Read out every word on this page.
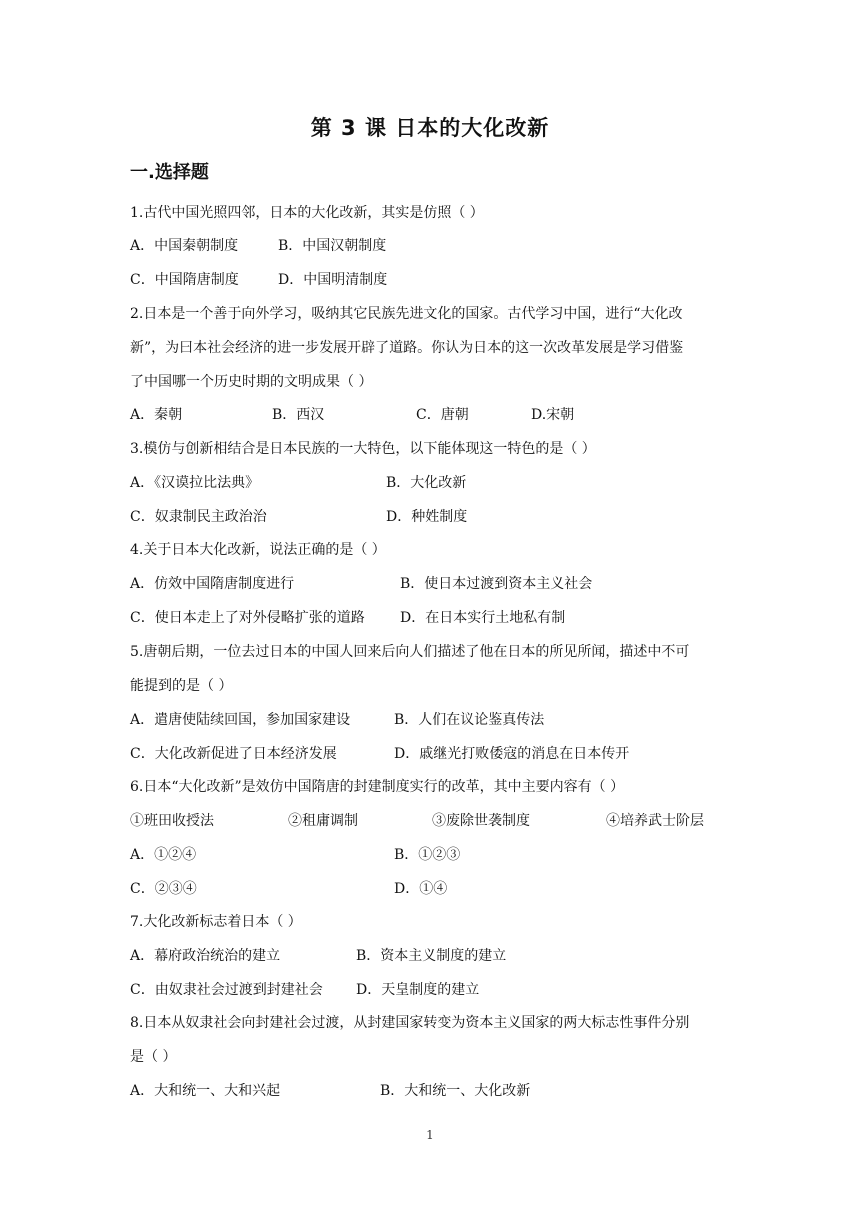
第 3 课 日本的大化改新
一.选择题
1.古代中国光照四邻，日本的大化改新，其实是仿照（ ）
A．中国秦朝制度	B．中国汉朝制度
C．中国隋唐制度	D．中国明清制度
2.日本是一个善于向外学习，吸纳其它民族先进文化的国家。古代学习中国，进行“大化改
新”，为曰本社会经济的进一步发展开辟了道路。你认为日本的这一次改革发展是学习借鉴
了中国哪一个历史时期的文明成果（ ）
A．秦朝	B．西汉	C．唐朝	D.宋朝
3.模仿与创新相结合是日本民族的一大特色，以下能体现这一特色的是（ ）
A．《汉谟拉比法典》	B．大化改新
C．奴隶制民主政治治	D．种姓制度
4.关于日本大化改新，说法正确的是（ ）
A．仿效中国隋唐制度进行	B．使日本过渡到资本主义社会
C．使日本走上了对外侵略扩张的道路	D．在日本实行土地私有制
5.唐朝后期，一位去过日本的中国人回来后向人们描述了他在日本的所见所闻，描述中不可
能提到的是（ ）
A．遣唐使陆续回国，参加国家建设	B．人们在议论鉴真传法
C．大化改新促进了日本经济发展	D．戚继光打败倭寇的消息在日本传开
6.日本“大化改新”是效仿中国隋唐的封建制度实行的改革，其中主要内容有（ ）
①班田收授法	②租庸调制	③废除世袭制度	④培养武士阶层
A．①②④	B．①②③
C．②③④	D．①④
7.大化改新标志着日本（ ）
A．幕府政治统治的建立	B．资本主义制度的建立
C．由奴隶社会过渡到封建社会 D．天皇制度的建立
8.日本从奴隶社会向封建社会过渡，从封建国家转变为资本主义国家的两大标志性事件分别
是（ ）
A．大和统一、大和兴起	B．大和统一、大化改新
1
